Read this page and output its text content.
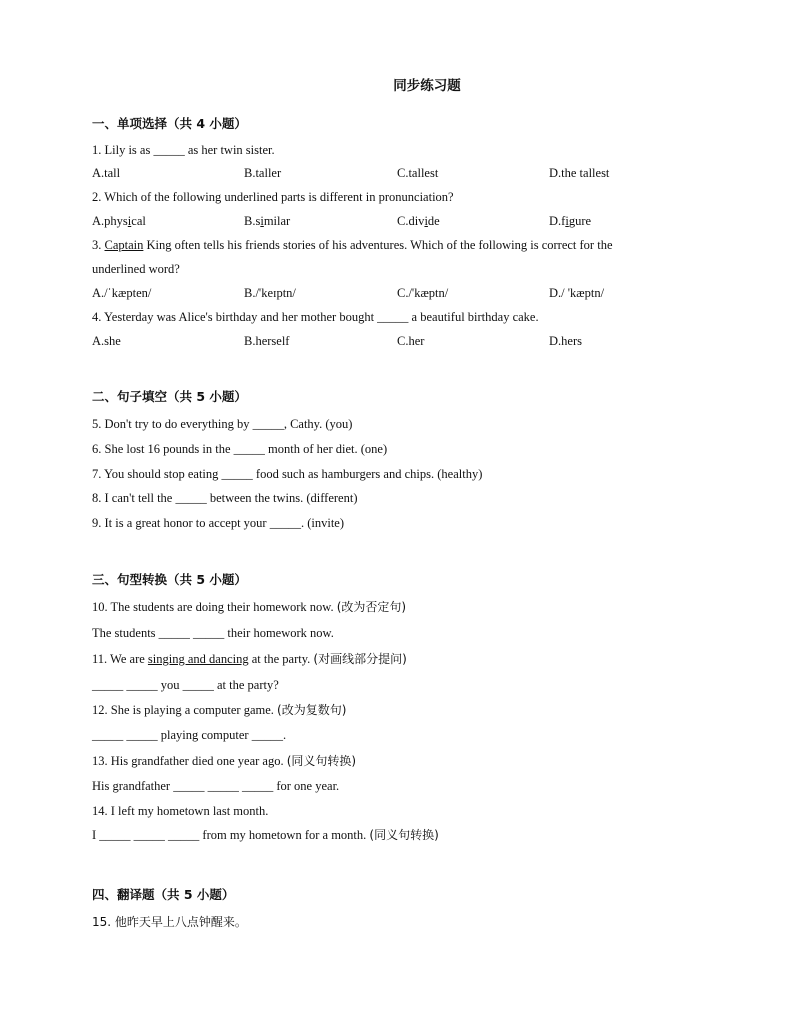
同步练习题
一、单项选择（共 4 小题）
1. Lily is as _____ as her twin sister.
A.tall	B.taller	C.tallest	D.the tallest
2. Which of the following underlined parts is different in pronunciation?
A.physical	B.similar	C.divide	D.figure
3. Captain King often tells his friends stories of his adventures. Which of the following is correct for the
underlined word?
A./ˈkæpten/	B./'keɪptn/	C./'kæptn/	D./ 'kæptn/
4. Yesterday was Alice's birthday and her mother bought _____ a beautiful birthday cake.
A.she	B.herself	C.her	D.hers
二、句子填空（共 5 小题）
5. Don't try to do everything by _____, Cathy. (you)
6. She lost 16 pounds in the _____ month of her diet. (one)
7. You should stop eating _____ food such as hamburgers and chips. (healthy)
8. I can't tell the _____ between the twins. (different)
9. It is a great honor to accept your _____. (invite)
三、句型转换（共 5 小题）
10. The students are doing their homework now. (改为否定句)
The students _____ _____ their homework now.
11. We are singing and dancing at the party. (对画线部分提问)
_____ _____ you _____ at the party?
12. She is playing a computer game. (改为复数句)
_____ _____ playing computer _____.
13. His grandfather died one year ago. (同义句转换)
His grandfather _____ _____ _____ for one year.
14. I left my hometown last month.
I _____ _____ _____ from my hometown for a month. (同义句转换)
四、翻译题（共 5 小题）
15. 他昨天早上八点钟醒来。
